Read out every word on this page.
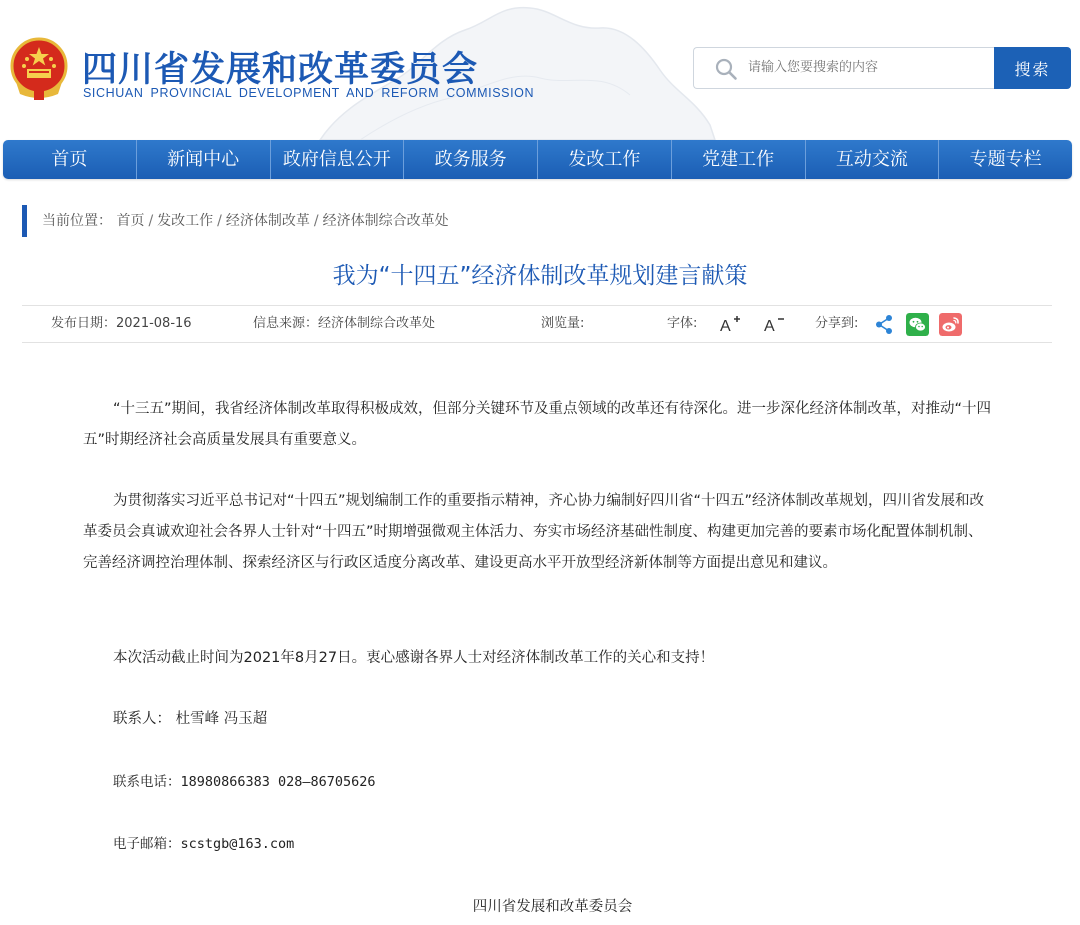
四川省发展和改革委员会
SICHUAN PROVINCIAL DEVELOPMENT AND REFORM COMMISSION
请输入您要搜索的内容
搜索
首页	新闻中心	政府信息公开	政务服务	发改工作	党建工作	互动交流	专题专栏
当前位置： 首页 / 发改工作 / 经济体制改革 / 经济体制综合改革处
我为“十四五”经济体制改革规划建言献策
发布日期：2021-08-16	信息来源：经济体制综合改革处	浏览量:	字体: A A	分享到:

“十三五”期间，我省经济体制改革取得积极成效，但部分关键环节及重点领域的改革还有待深化。进一步深化经济体制改革，对推动“十四五”时期经济社会高质量发展具有重要意义。

为贯彻落实习近平总书记对“十四五”规划编制工作的重要指示精神，齐心协力编制好四川省“十四五”经济体制改革规划，四川省发展和改革委员会真诚欢迎社会各界人士针对“十四五”时期增强微观主体活力、夯实市场经济基础性制度、构建更加完善的要素市场化配置体制机制、完善经济调控治理体制、探索经济区与行政区适度分离改革、建设更高水平开放型经济新体制等方面提出意见和建议。

本次活动截止时间为2021年8月27日。衷心感谢各界人士对经济体制改革工作的关心和支持！

联系人： 杜雪峰 冯玉超

联系电话：18980866383 028—86705626

电子邮箱：scstgb@163.com

四川省发展和改革委员会
